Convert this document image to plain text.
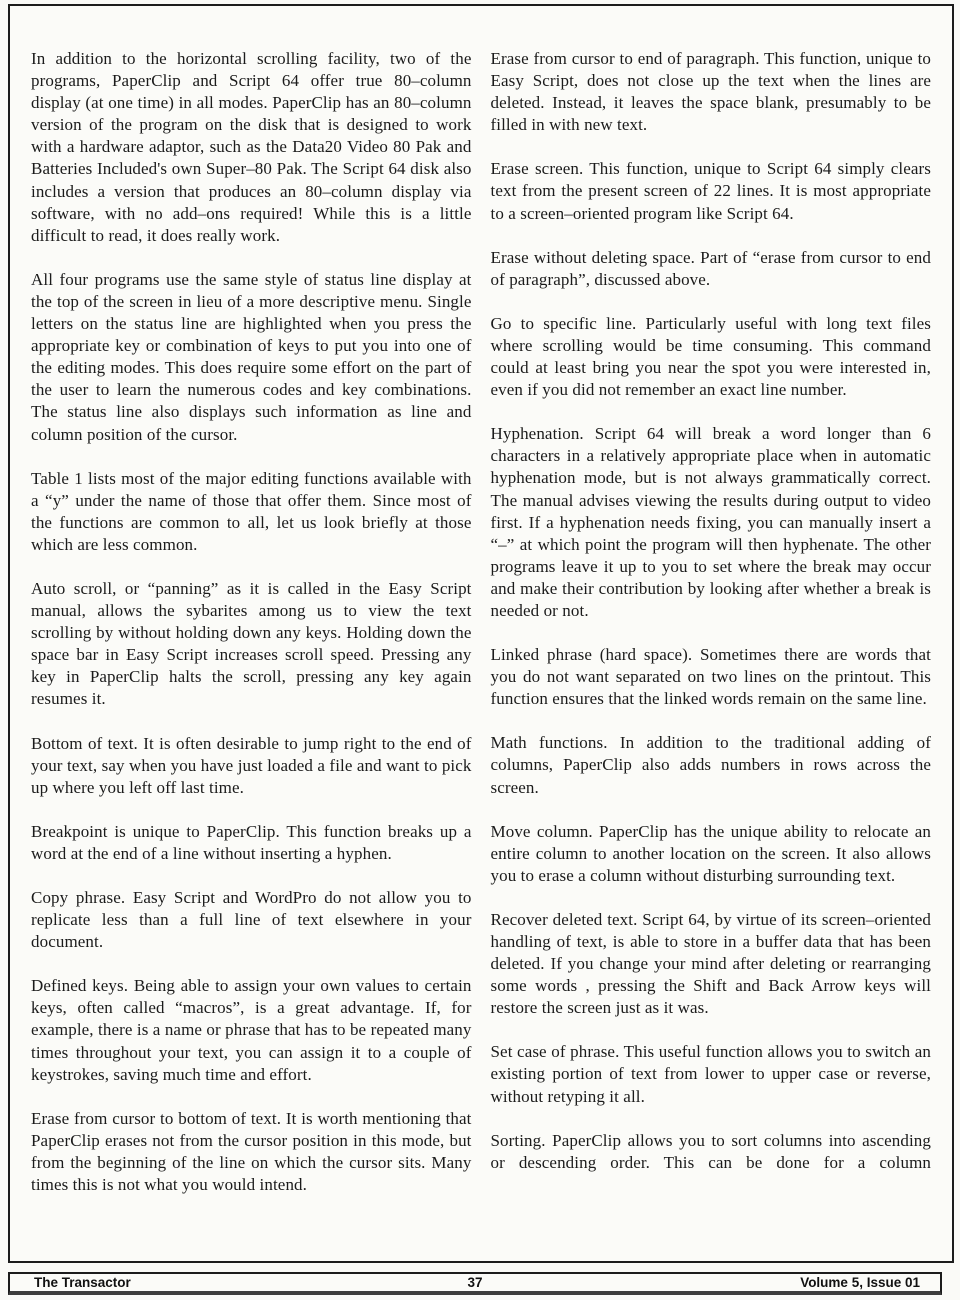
In addition to the horizontal scrolling facility, two of the programs, PaperClip and Script 64 offer true 80–column display (at one time) in all modes. PaperClip has an 80–column version of the program on the disk that is designed to work with a hardware adaptor, such as the Data20 Video 80 Pak and Batteries Included's own Super–80 Pak. The Script 64 disk also includes a version that produces an 80–column display via software, with no add–ons required! While this is a little difficult to read, it does really work.

All four programs use the same style of status line display at the top of the screen in lieu of a more descriptive menu. Single letters on the status line are highlighted when you press the appropriate key or combination of keys to put you into one of the editing modes. This does require some effort on the part of the user to learn the numerous codes and key combinations. The status line also displays such information as line and column position of the cursor.

Table 1 lists most of the major editing functions available with a “y” under the name of those that offer them. Since most of the functions are common to all, let us look briefly at those which are less common.

Auto scroll, or “panning” as it is called in the Easy Script manual, allows the sybarites among us to view the text scrolling by without holding down any keys. Holding down the space bar in Easy Script increases scroll speed. Pressing any key in PaperClip halts the scroll, pressing any key again resumes it.

Bottom of text. It is often desirable to jump right to the end of your text, say when you have just loaded a file and want to pick up where you left off last time.

Breakpoint is unique to PaperClip. This function breaks up a word at the end of a line without inserting a hyphen.

Copy phrase. Easy Script and WordPro do not allow you to replicate less than a full line of text elsewhere in your document.

Defined keys. Being able to assign your own values to certain keys, often called “macros”, is a great advantage. If, for example, there is a name or phrase that has to be repeated many times throughout your text, you can assign it to a couple of keystrokes, saving much time and effort.

Erase from cursor to bottom of text. It is worth mentioning that PaperClip erases not from the cursor position in this mode, but from the beginning of the line on which the cursor sits. Many times this is not what you would intend.

Erase from cursor to end of paragraph. This function, unique to Easy Script, does not close up the text when the lines are deleted. Instead, it leaves the space blank, presumably to be filled in with new text.

Erase screen. This function, unique to Script 64 simply clears text from the present screen of 22 lines. It is most appropriate to a screen–oriented program like Script 64.

Erase without deleting space. Part of “erase from cursor to end of paragraph”, discussed above.

Go to specific line. Particularly useful with long text files where scrolling would be time consuming. This command could at least bring you near the spot you were interested in, even if you did not remember an exact line number.

Hyphenation. Script 64 will break a word longer than 6 characters in a relatively appropriate place when in automatic hyphenation mode, but is not always grammatically correct. The manual advises viewing the results during output to video first. If a hyphenation needs fixing, you can manually insert a “–” at which point the program will then hyphenate. The other programs leave it up to you to set where the break may occur and make their contribution by looking after whether a break is needed or not.

Linked phrase (hard space). Sometimes there are words that you do not want separated on two lines on the printout. This function ensures that the linked words remain on the same line.

Math functions. In addition to the traditional adding of columns, PaperClip also adds numbers in rows across the screen.

Move column. PaperClip has the unique ability to relocate an entire column to another location on the screen. It also allows you to erase a column without disturbing surrounding text.

Recover deleted text. Script 64, by virtue of its screen–oriented handling of text, is able to store in a buffer data that has been deleted. If you change your mind after deleting or rearranging some words , pressing the Shift and Back Arrow keys will restore the screen just as it was.

Set case of phrase. This useful function allows you to switch an existing portion of text from lower to upper case or reverse, without retyping it all.

Sorting. PaperClip allows you to sort columns into ascending or descending order. This can be done for a column

The Transactor	37	Volume 5, Issue 01
